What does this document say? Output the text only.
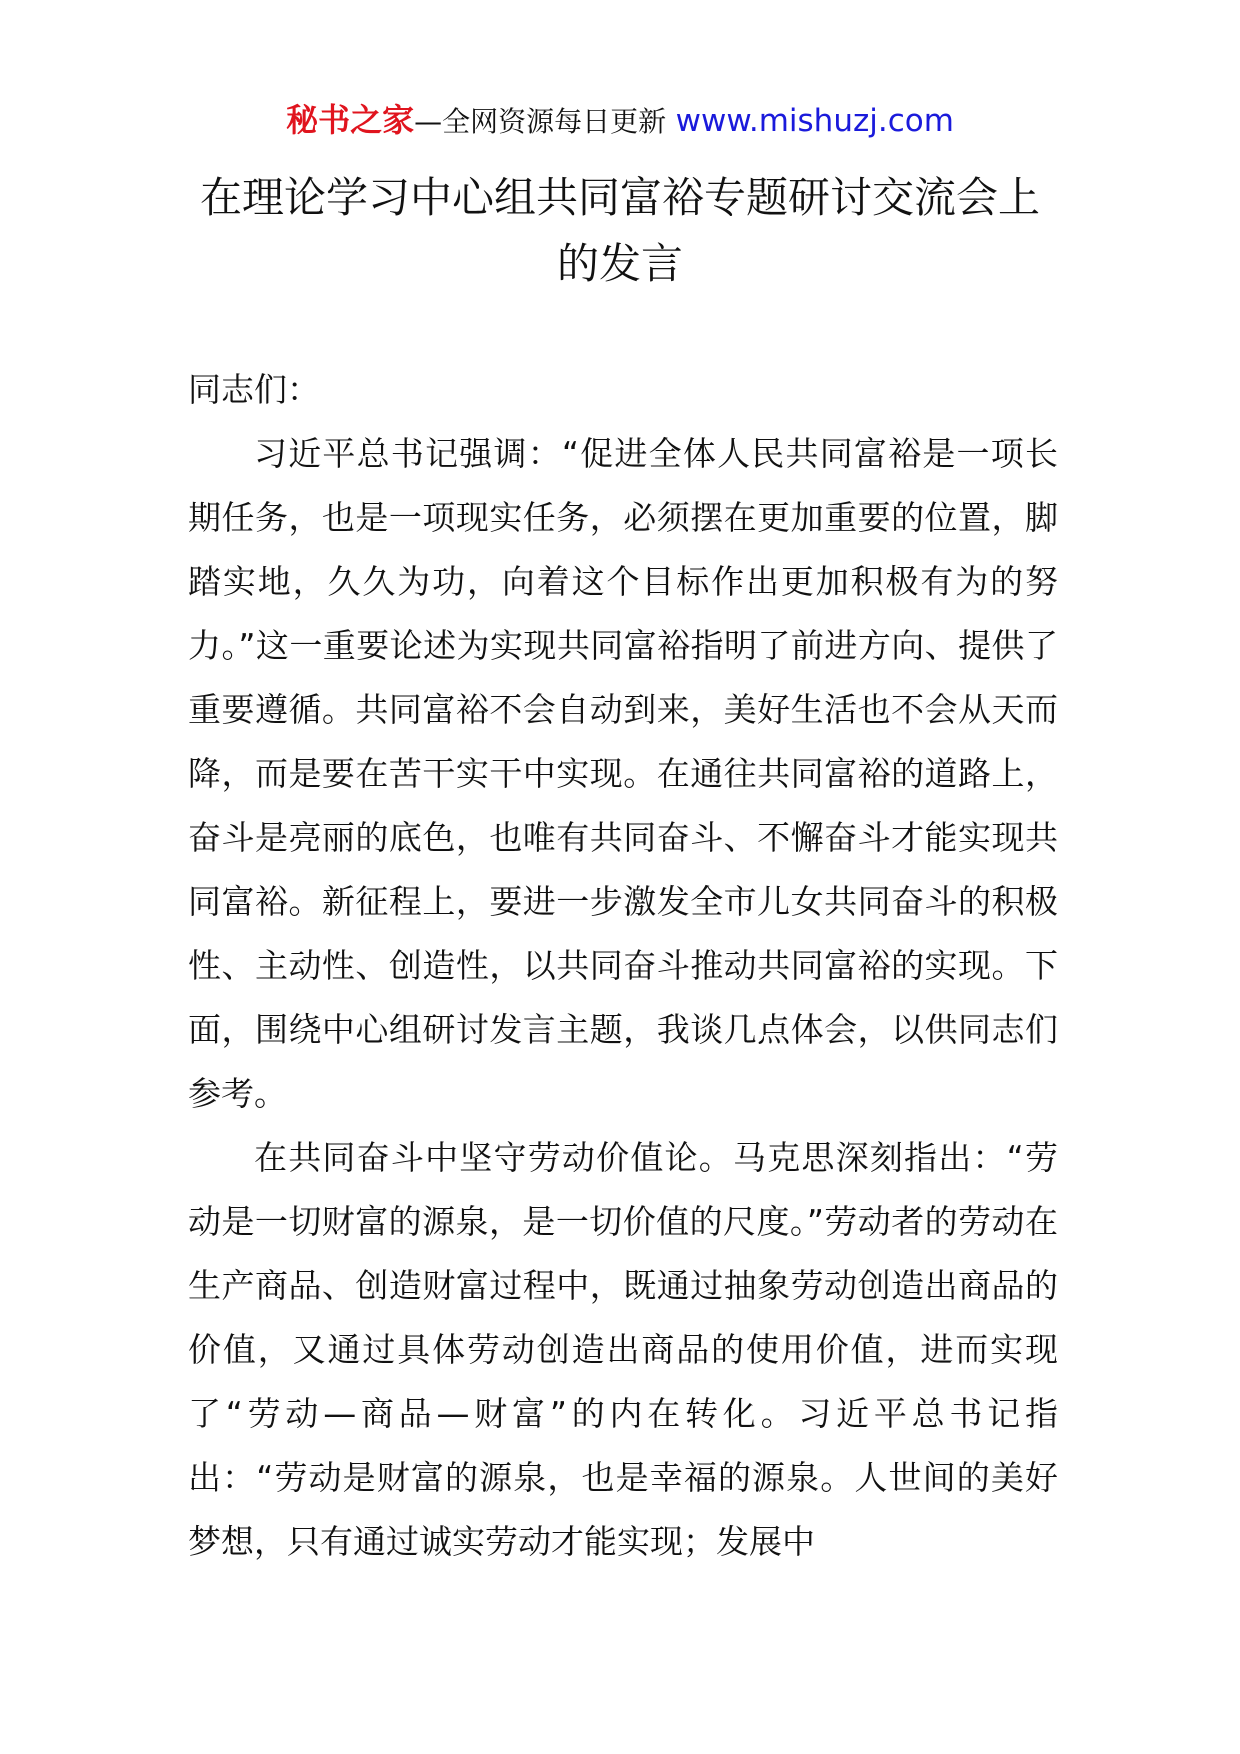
秘书之家—全网资源每日更新 www.mishuzj.com
在理论学习中心组共同富裕专题研讨交流会上的发言

同志们：

习近平总书记强调：“促进全体人民共同富裕是一项长期任务，也是一项现实任务，必须摆在更加重要的位置，脚踏实地，久久为功，向着这个目标作出更加积极有为的努力。”这一重要论述为实现共同富裕指明了前进方向、提供了重要遵循。共同富裕不会自动到来，美好生活也不会从天而降，而是要在苦干实干中实现。在通往共同富裕的道路上，奋斗是亮丽的底色，也唯有共同奋斗、不懈奋斗才能实现共同富裕。新征程上，要进一步激发全市儿女共同奋斗的积极性、主动性、创造性，以共同奋斗推动共同富裕的实现。下面，围绕中心组研讨发言主题，我谈几点体会，以供同志们参考。

在共同奋斗中坚守劳动价值论。马克思深刻指出：“劳动是一切财富的源泉，是一切价值的尺度。”劳动者的劳动在生产商品、创造财富过程中，既通过抽象劳动创造出商品的价值，又通过具体劳动创造出商品的使用价值，进而实现了“劳动—商品—财富”的内在转化。习近平总书记指出：“劳动是财富的源泉，也是幸福的源泉。人世间的美好梦想，只有通过诚实劳动才能实现；发展中
